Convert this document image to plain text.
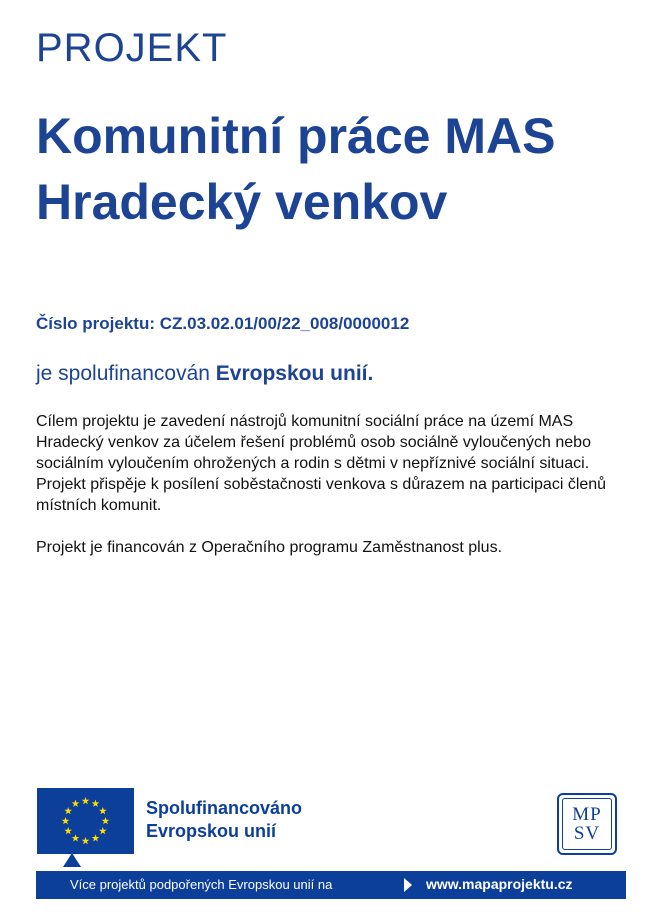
PROJEKT
Komunitní práce MAS Hradecký venkov
Číslo projektu: CZ.03.02.01/00/22_008/0000012
je spolufinancován Evropskou unií.

Cílem projektu je zavedení nástrojů komunitní sociální práce na území MAS Hradecký venkov za účelem řešení problémů osob sociálně vyloučených nebo sociálním vyloučením ohrožených a rodin s dětmi v nepříznivé sociální situaci. Projekt přispěje k posílení soběstačnosti venkova s důrazem na participaci členů místních komunit.

Projekt je financován z Operačního programu Zaměstnanost plus.

Spolufinancováno
Evropskou unií
MP
SV
Více projektů podpořených Evropskou unií na	www.mapaprojektu.cz
